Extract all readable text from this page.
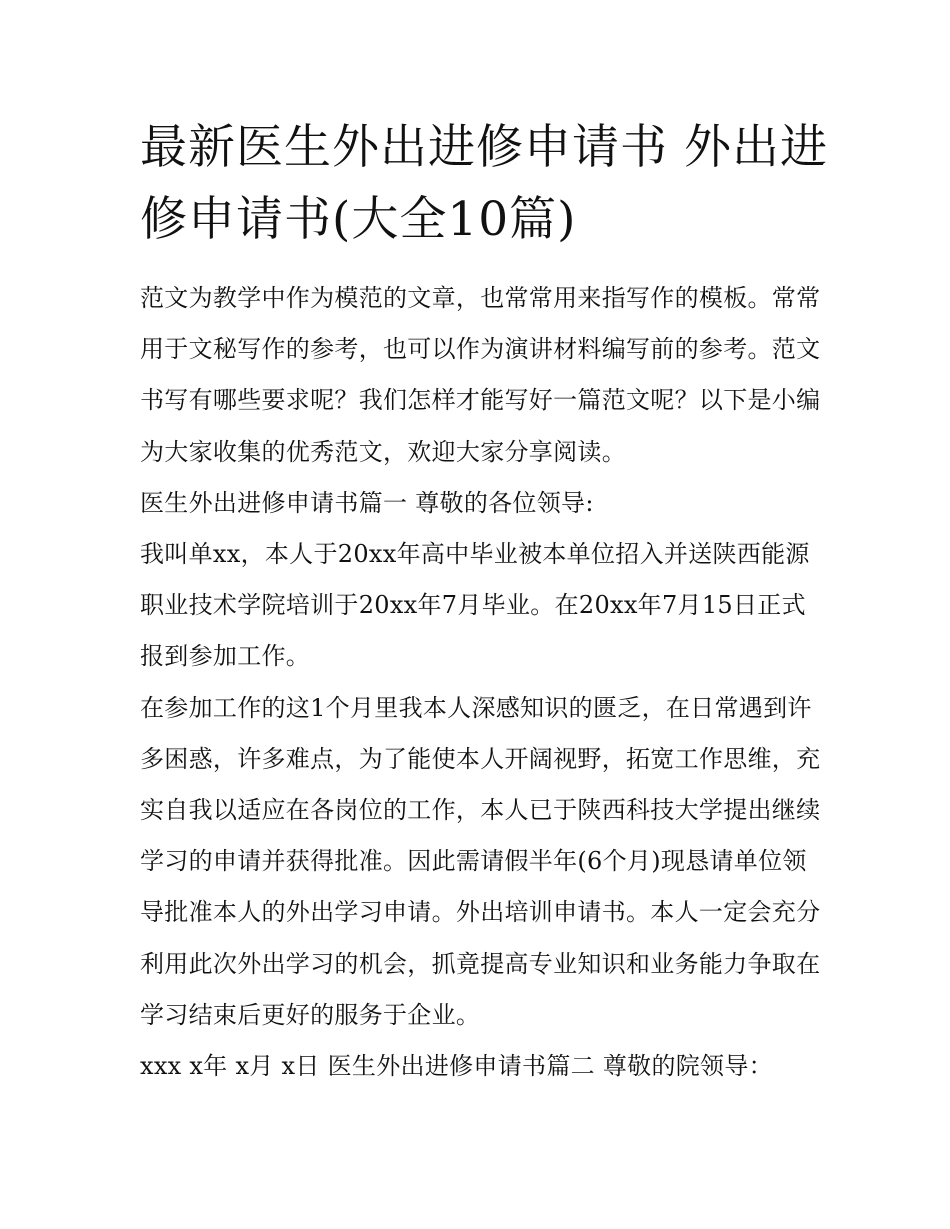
最新医生外出进修申请书 外出进修申请书(大全10篇)

范文为教学中作为模范的文章，也常常用来指写作的模板。常常用于文秘写作的参考，也可以作为演讲材料编写前的参考。范文书写有哪些要求呢？我们怎样才能写好一篇范文呢？以下是小编为大家收集的优秀范文，欢迎大家分享阅读。

医生外出进修申请书篇一 尊敬的各位领导:

我叫单xx，本人于20xx年高中毕业被本单位招入并送陕西能源职业技术学院培训于20xx年7月毕业。在20xx年7月15日正式报到参加工作。

在参加工作的这1个月里我本人深感知识的匮乏，在日常遇到许多困惑，许多难点，为了能使本人开阔视野，拓宽工作思维，充实自我以适应在各岗位的工作，本人已于陕西科技大学提出继续学习的申请并获得批准。因此需请假半年(6个月)现恳请单位领导批准本人的外出学习申请。外出培训申请书。本人一定会充分利用此次外出学习的机会，抓竟提高专业知识和业务能力争取在学习结束后更好的服务于企业。

xxx x年 x月 x日 医生外出进修申请书篇二 尊敬的院领导：
